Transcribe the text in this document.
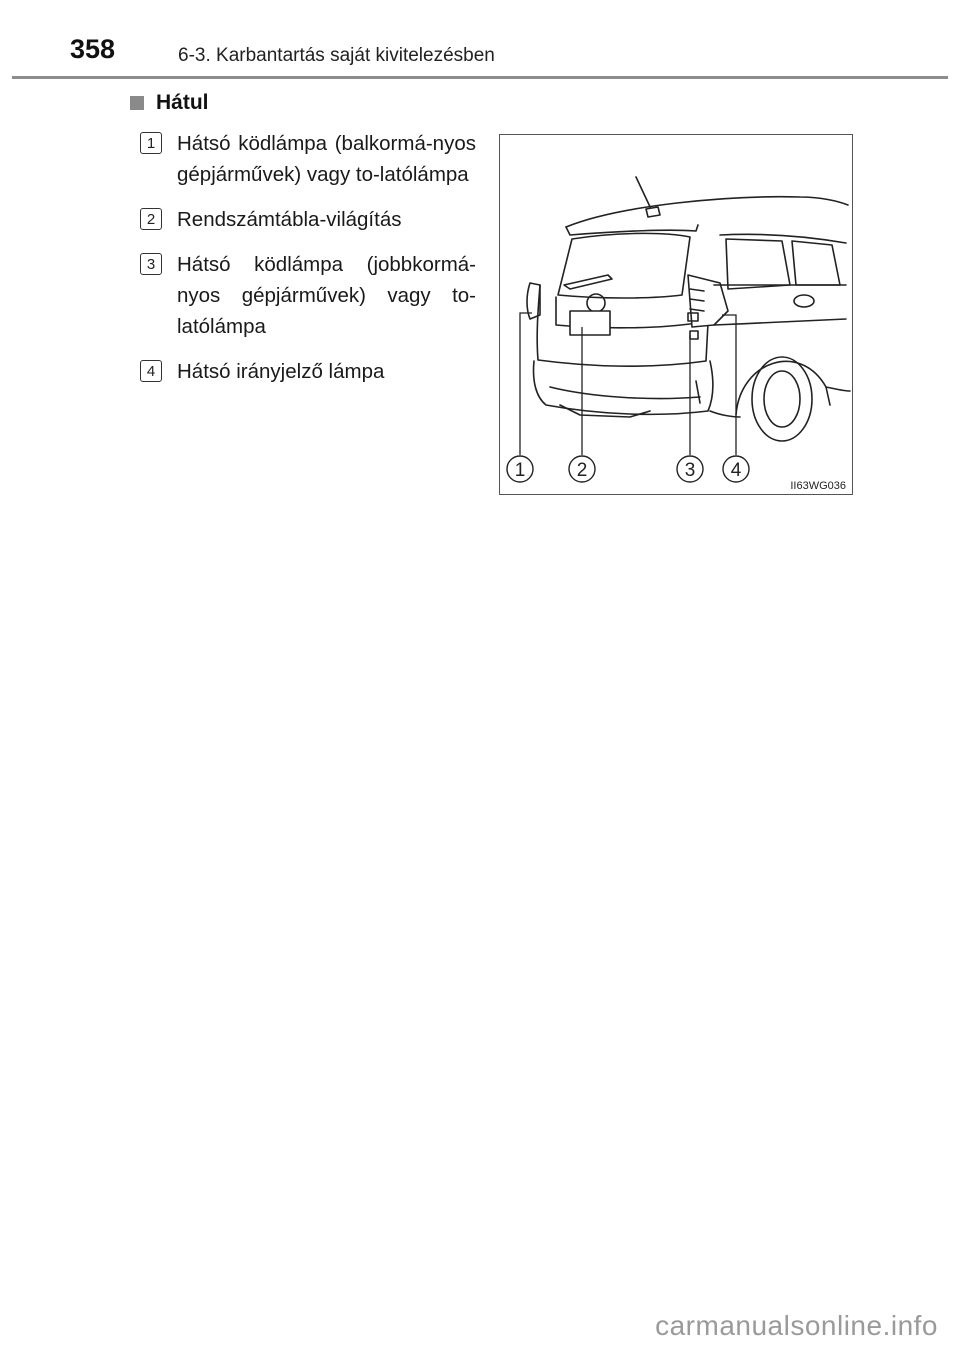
358	6-3. Karbantartás saját kivitelezésben
Hátul
1	Hátsó ködlámpa (balkormá-nyos gépjárművek) vagy to-latólámpa
2	Rendszámtábla-világítás
3	Hátsó ködlámpa (jobbkormá-nyos gépjárművek) vagy to-latólámpa
4	Hátsó irányjelző lámpa
1	2	3 4
II63WG036
carmanualsonline.info
